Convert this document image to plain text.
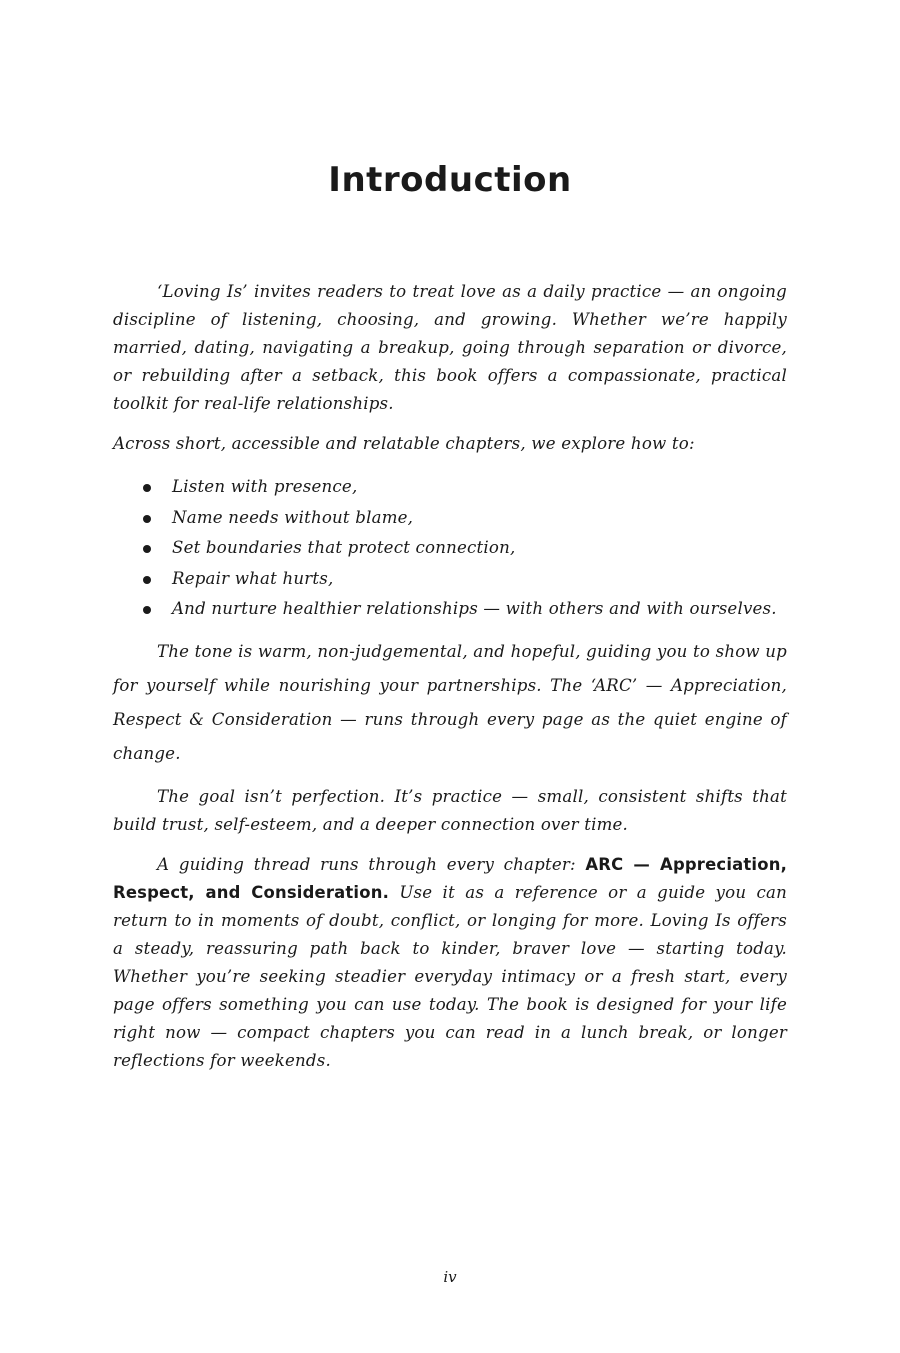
Introduction

‘Loving Is’ invites readers to treat love as a daily practice — an ongoing discipline of listening, choosing, and growing. Whether we’re happily married, dating, navigating a breakup, going through separation or divorce, or rebuilding after a setback, this book offers a compassionate, practical toolkit for real-life relationships.

Across short, accessible and relatable chapters, we explore how to:

Listen with presence,
Name needs without blame,
Set boundaries that protect connection,
Repair what hurts,
And nurture healthier relationships — with others and with ourselves.

The tone is warm, non-judgemental, and hopeful, guiding you to show up for yourself while nourishing your partnerships. The ‘ARC’ — Appreciation, Respect & Consideration — runs through every page as the quiet engine of change.

The goal isn’t perfection. It’s practice — small, consistent shifts that build trust, self-esteem, and a deeper connection over time.

A guiding thread runs through every chapter: ARC — Appreciation, Respect, and Consideration. Use it as a reference or a guide you can return to in moments of doubt, conflict, or longing for more. Loving Is offers a steady, reassuring path back to kinder, braver love — starting today. Whether you’re seeking steadier everyday intimacy or a fresh start, every page offers something you can use today. The book is designed for your life right now — compact chapters you can read in a lunch break, or longer reflections for weekends.

iv
